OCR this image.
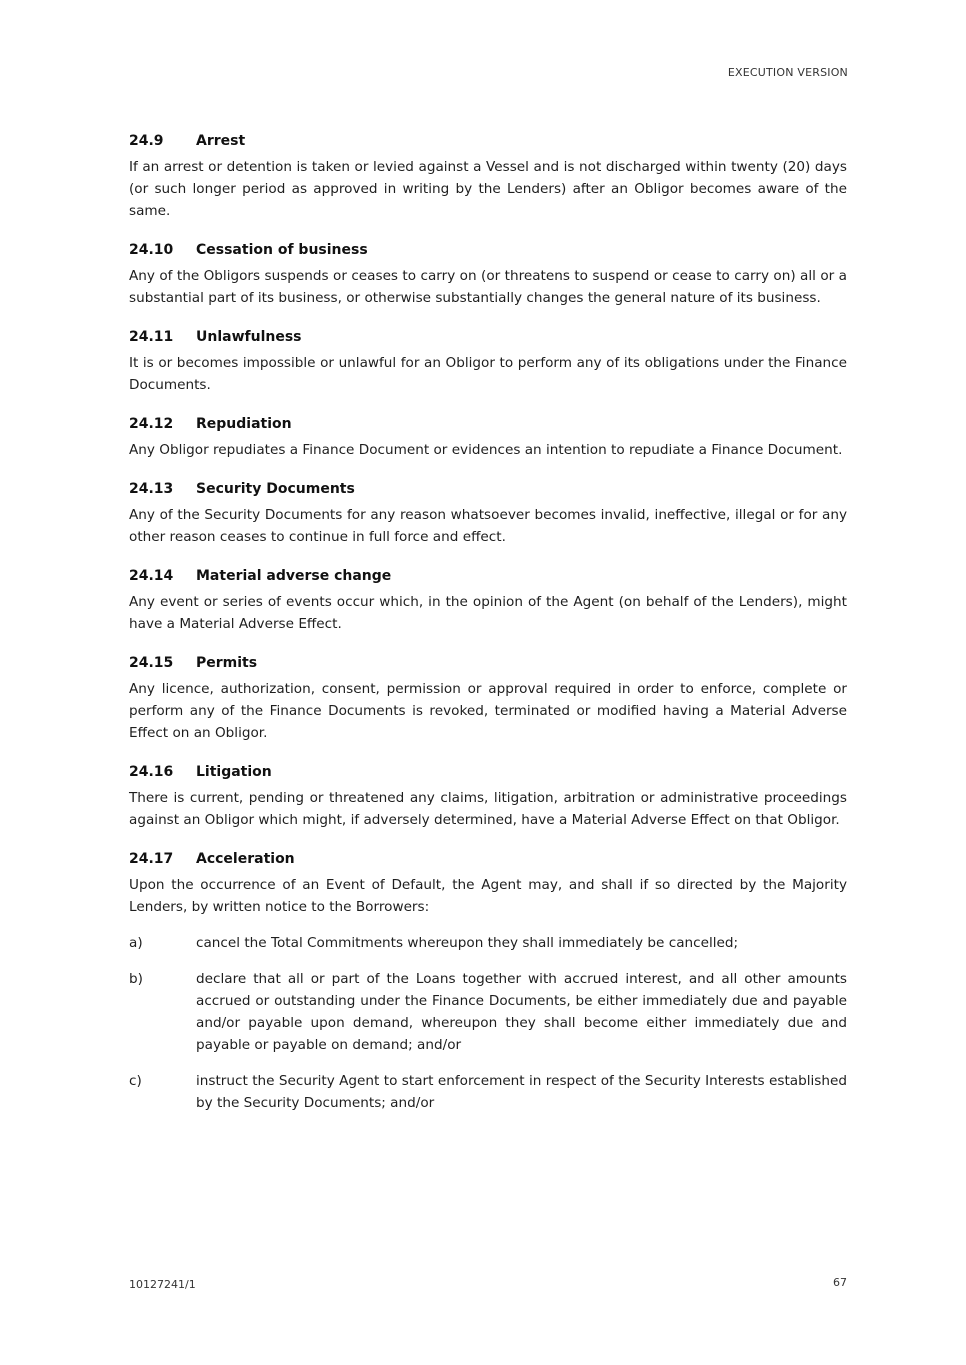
EXECUTION VERSION
24.9	Arrest

If an arrest or detention is taken or levied against a Vessel and is not discharged within twenty (20) days (or such longer period as approved in writing by the Lenders) after an Obligor becomes aware of the same.

24.10	Cessation of business

Any of the Obligors suspends or ceases to carry on (or threatens to suspend or cease to carry on) all or a substantial part of its business, or otherwise substantially changes the general nature of its business.

24.11	Unlawfulness

It is or becomes impossible or unlawful for an Obligor to perform any of its obligations under the Finance Documents.

24.12	Repudiation

Any Obligor repudiates a Finance Document or evidences an intention to repudiate a Finance Document.

24.13	Security Documents

Any of the Security Documents for any reason whatsoever becomes invalid, ineffective, illegal or for any other reason ceases to continue in full force and effect.

24.14	Material adverse change

Any event or series of events occur which, in the opinion of the Agent (on behalf of the Lenders), might have a Material Adverse Effect.

24.15	Permits

Any licence, authorization, consent, permission or approval required in order to enforce, complete or perform any of the Finance Documents is revoked, terminated or modified having a Material Adverse Effect on an Obligor.

24.16	Litigation

There is current, pending or threatened any claims, litigation, arbitration or administrative proceedings against an Obligor which might, if adversely determined, have a Material Adverse Effect on that Obligor.

24.17	Acceleration

Upon the occurrence of an Event of Default, the Agent may, and shall if so directed by the Majority Lenders, by written notice to the Borrowers:

a)	cancel the Total Commitments whereupon they shall immediately be cancelled;
b)	declare that all or part of the Loans together with accrued interest, and all other amounts accrued or outstanding under the Finance Documents, be either immediately due and payable and/or payable upon demand, whereupon they shall become either immediately due and payable or payable on demand; and/or
c)	instruct the Security Agent to start enforcement in respect of the Security Interests established by the Security Documents; and/or
10127241/1	67
